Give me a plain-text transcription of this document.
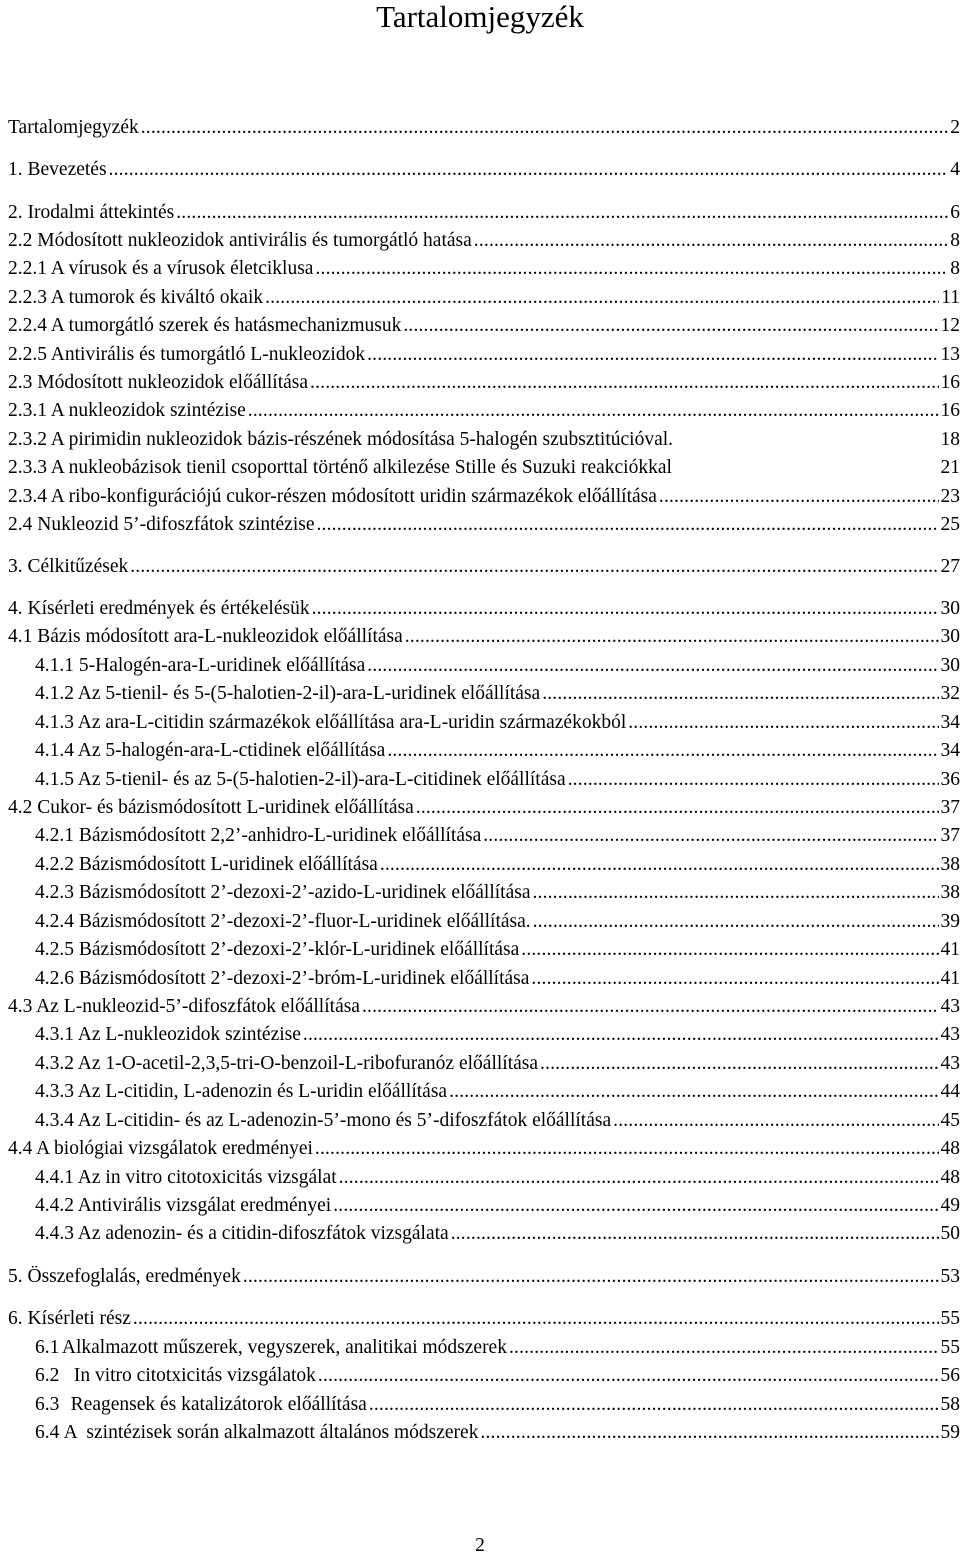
Tartalomjegyzék
Tartalomjegyzék . . .	2
1. Bevezetés . . .	4
2. Irodalmi áttekintés . . .	6
2.2 Módosított nukleozidok antivirális és tumorgátló hatása . . .	8
2.2.1 A vírusok és a vírusok életciklusa . . .	8
2.2.3 A tumorok és kiváltó okaik . . .	11
2.2.4 A tumorgátló szerek és hatásmechanizmusuk . . .	12
2.2.5 Antivirális és tumorgátló L-nukleozidok . . .	13
2.3 Módosított nukleozidok előállítása . . .	16
2.3.1 A nukleozidok szintézise . . .	16
2.3.2 A pirimidin nukleozidok bázis-részének módosítása 5-halogén szubsztitúcióval.	18
2.3.3 A nukleobázisok tienil csoporttal történő alkilezése Stille és Suzuki reakciókkal	21
2.3.4 A ribo-konfigurációjú cukor-részen módosított uridin származékok előállítása . . .	23
2.4 Nukleozid 5’-difoszfátok szintézise . . .	25
3. Célkitűzések . . .	27
4. Kísérleti eredmények és értékelésük . . .	30
4.1 Bázis módosított ara-L-nukleozidok előállítása . . .	30
4.1.1 5-Halogén-ara-L-uridinek előállítása . . .	30
4.1.2 Az 5-tienil- és 5-(5-halotien-2-il)-ara-L-uridinek előállítása . . .	32
4.1.3 Az ara-L-citidin származékok előállítása ara-L-uridin származékokból . . .	34
4.1.4 Az 5-halogén-ara-L-ctidinek előállítása . . .	34
4.1.5 Az 5-tienil- és az 5-(5-halotien-2-il)-ara-L-citidinek előállítása . . .	36
4.2 Cukor- és bázismódosított L-uridinek előállítása . . .	37
4.2.1 Bázismódosított 2,2’-anhidro-L-uridinek előállítása . . .	37
4.2.2 Bázismódosított L-uridinek előállítása . . .	38
4.2.3 Bázismódosított 2’-dezoxi-2’-azido-L-uridinek előállítása . . .	38
4.2.4 Bázismódosított 2’-dezoxi-2’-fluor-L-uridinek előállítása. . . .	39
4.2.5 Bázismódosított 2’-dezoxi-2’-klór-L-uridinek előállítása . . .	41
4.2.6 Bázismódosított 2’-dezoxi-2’-bróm-L-uridinek előállítása . . .	41
4.3 Az L-nukleozid-5’-difoszfátok előállítása . . .	43
4.3.1 Az L-nukleozidok szintézise . . .	43
4.3.2 Az 1-O-acetil-2,3,5-tri-O-benzoil-L-ribofuranóz előállítása . . .	43
4.3.3 Az L-citidin, L-adenozin és L-uridin előállítása . . .	44
4.3.4 Az L-citidin- és az L-adenozin-5’-mono és 5’-difoszfátok előállítása . . .	45
4.4 A biológiai vizsgálatok eredményei . . .	48
4.4.1 Az in vitro citotoxicitás vizsgálat . . .	48
4.4.2 Antivirális vizsgálat eredményei . . .	49
4.4.3 Az adenozin- és a citidin-difoszfátok vizsgálata . . .	50
5. Összefoglalás, eredmények . . .	53
6. Kísérleti rész . . .	55
6.1 Alkalmazott műszerek, vegyszerek, analitikai módszerek . . .	55
6.2 In vitro citotxicitás vizsgálatok . . .	56
6.3 Reagensek és katalizátorok előállítása . . .	58
6.4 A  szintézisek során alkalmazott általános módszerek . . .	59
2
